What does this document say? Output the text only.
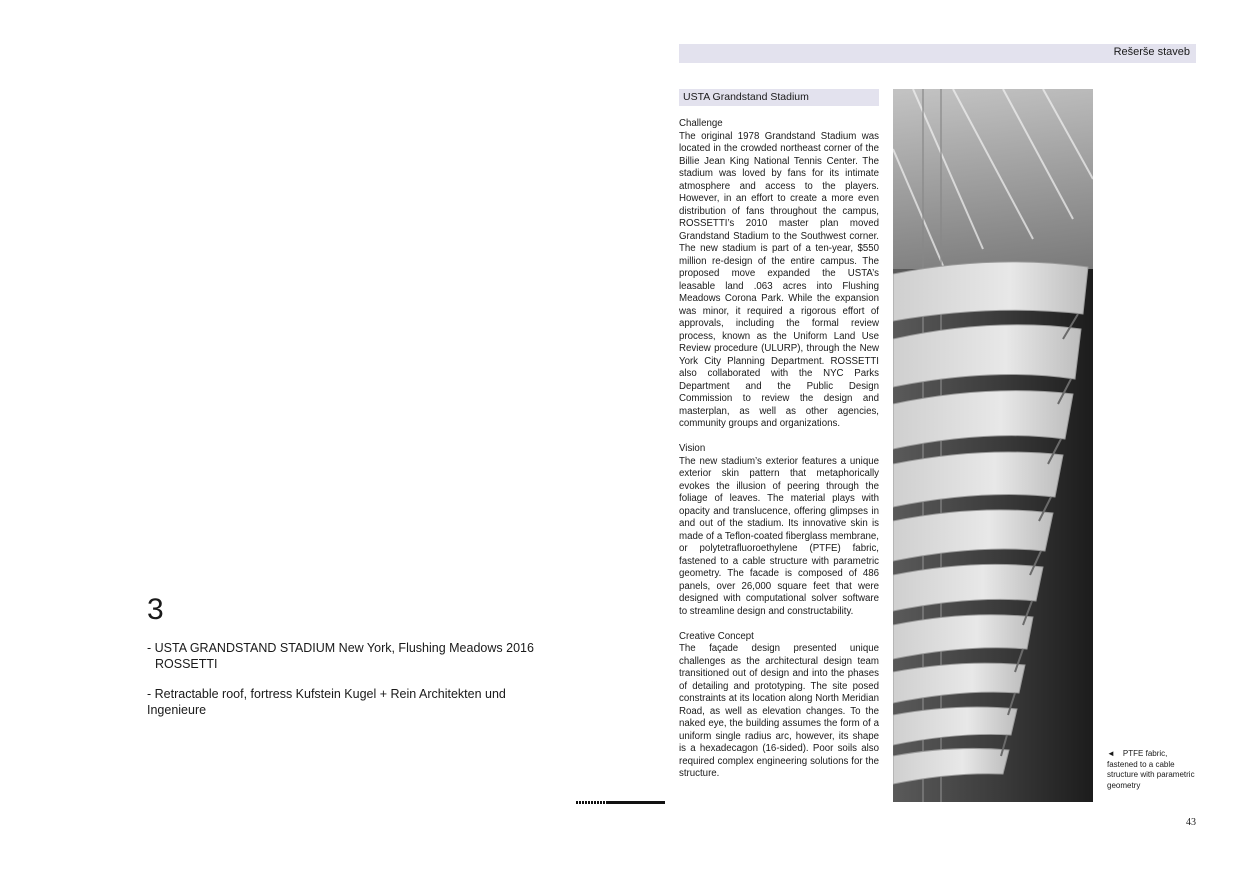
3
- USTA GRANDSTAND STADIUM New York, Flushing Meadows 2016
ROSSETTI
- Retractable roof, fortress Kufstein Kugel + Rein Architekten und
Ingenieure
Rešerše staveb
USTA Grandstand Stadium
Challenge
The original 1978 Grandstand Stadium was located in the crowded northeast corner of the Billie Jean King National Tennis Center. The stadium was loved by fans for its intimate atmosphere and access to the players. However, in an effort to create a more even distribution of fans throughout the campus, ROSSETTI’s 2010 master plan moved Grandstand Stadium to the Southwest corner. The new stadium is part of a ten-year, $550 million re-design of the entire campus. The proposed move expanded the USTA’s leasable land .063 acres into Flushing Meadows Corona Park. While the expansion was minor, it required a rigorous effort of approvals, including the formal review process, known as the Uniform Land Use Review procedure (ULURP), through the New York City Planning Department. ROSSETTI also collaborated with the NYC Parks Department and the Public Design Commission to review the design and masterplan, as well as other agencies, community groups and organizations.
Vision
The new stadium’s exterior features a unique exterior skin pattern that metaphorically evokes the illusion of peering through the foliage of leaves. The material plays with opacity and translucence, offering glimpses in and out of the stadium. Its innovative skin is made of a Teflon-coated fiberglass membrane, or polytetrafluoroethylene (PTFE) fabric, fastened to a cable structure with parametric geometry. The facade is composed of 486 panels, over 26,000 square feet that were designed with computational solver software to streamline design and constructability.
Creative Concept
The façade design presented unique challenges as the architectural design team transitioned out of design and into the phases of detailing and prototyping. The site posed constraints at its location along North Meridian Road, as well as elevation changes. To the naked eye, the building assumes the form of a uniform single radius arc, however, its shape is a hexadecagon (16-sided). Poor soils also required complex engineering solutions for the structure.
◄ PTFE fabric, fastened to a cable structure with parametric geometry
43
